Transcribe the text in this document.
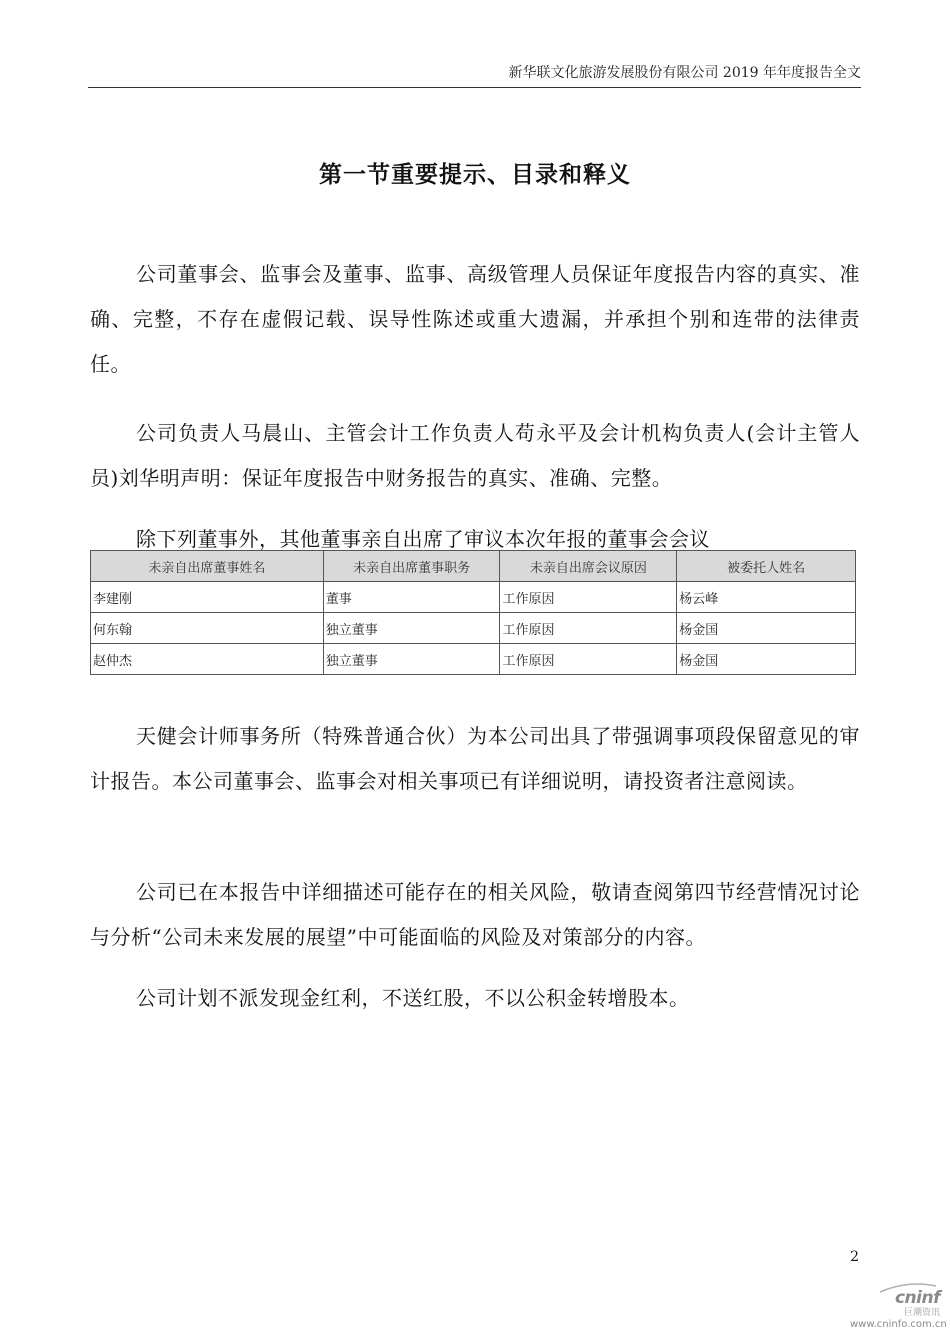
新华联文化旅游发展股份有限公司 2019 年年度报告全文
第一节重要提示、目录和释义

公司董事会、监事会及董事、监事、高级管理人员保证年度报告内容的真实、准确、完整，不存在虚假记载、误导性陈述或重大遗漏，并承担个别和连带的法律责任。

公司负责人马晨山、主管会计工作负责人苟永平及会计机构负责人(会计主管人员)刘华明声明：保证年度报告中财务报告的真实、准确、完整。

除下列董事外，其他董事亲自出席了审议本次年报的董事会会议

未亲自出席董事姓名	未亲自出席董事职务	未亲自出席会议原因	被委托人姓名
李建刚	董事	工作原因	杨云峰
何东翰	独立董事	工作原因	杨金国
赵仲杰	独立董事	工作原因	杨金国

天健会计师事务所（特殊普通合伙）为本公司出具了带强调事项段保留意见的审计报告。本公司董事会、监事会对相关事项已有详细说明，请投资者注意阅读。

公司已在本报告中详细描述可能存在的相关风险，敬请查阅第四节经营情况讨论与分析“公司未来发展的展望”中可能面临的风险及对策部分的内容。

公司计划不派发现金红利，不送红股，不以公积金转增股本。

2
cninf
巨潮资讯
www.cninfo.com.cn
